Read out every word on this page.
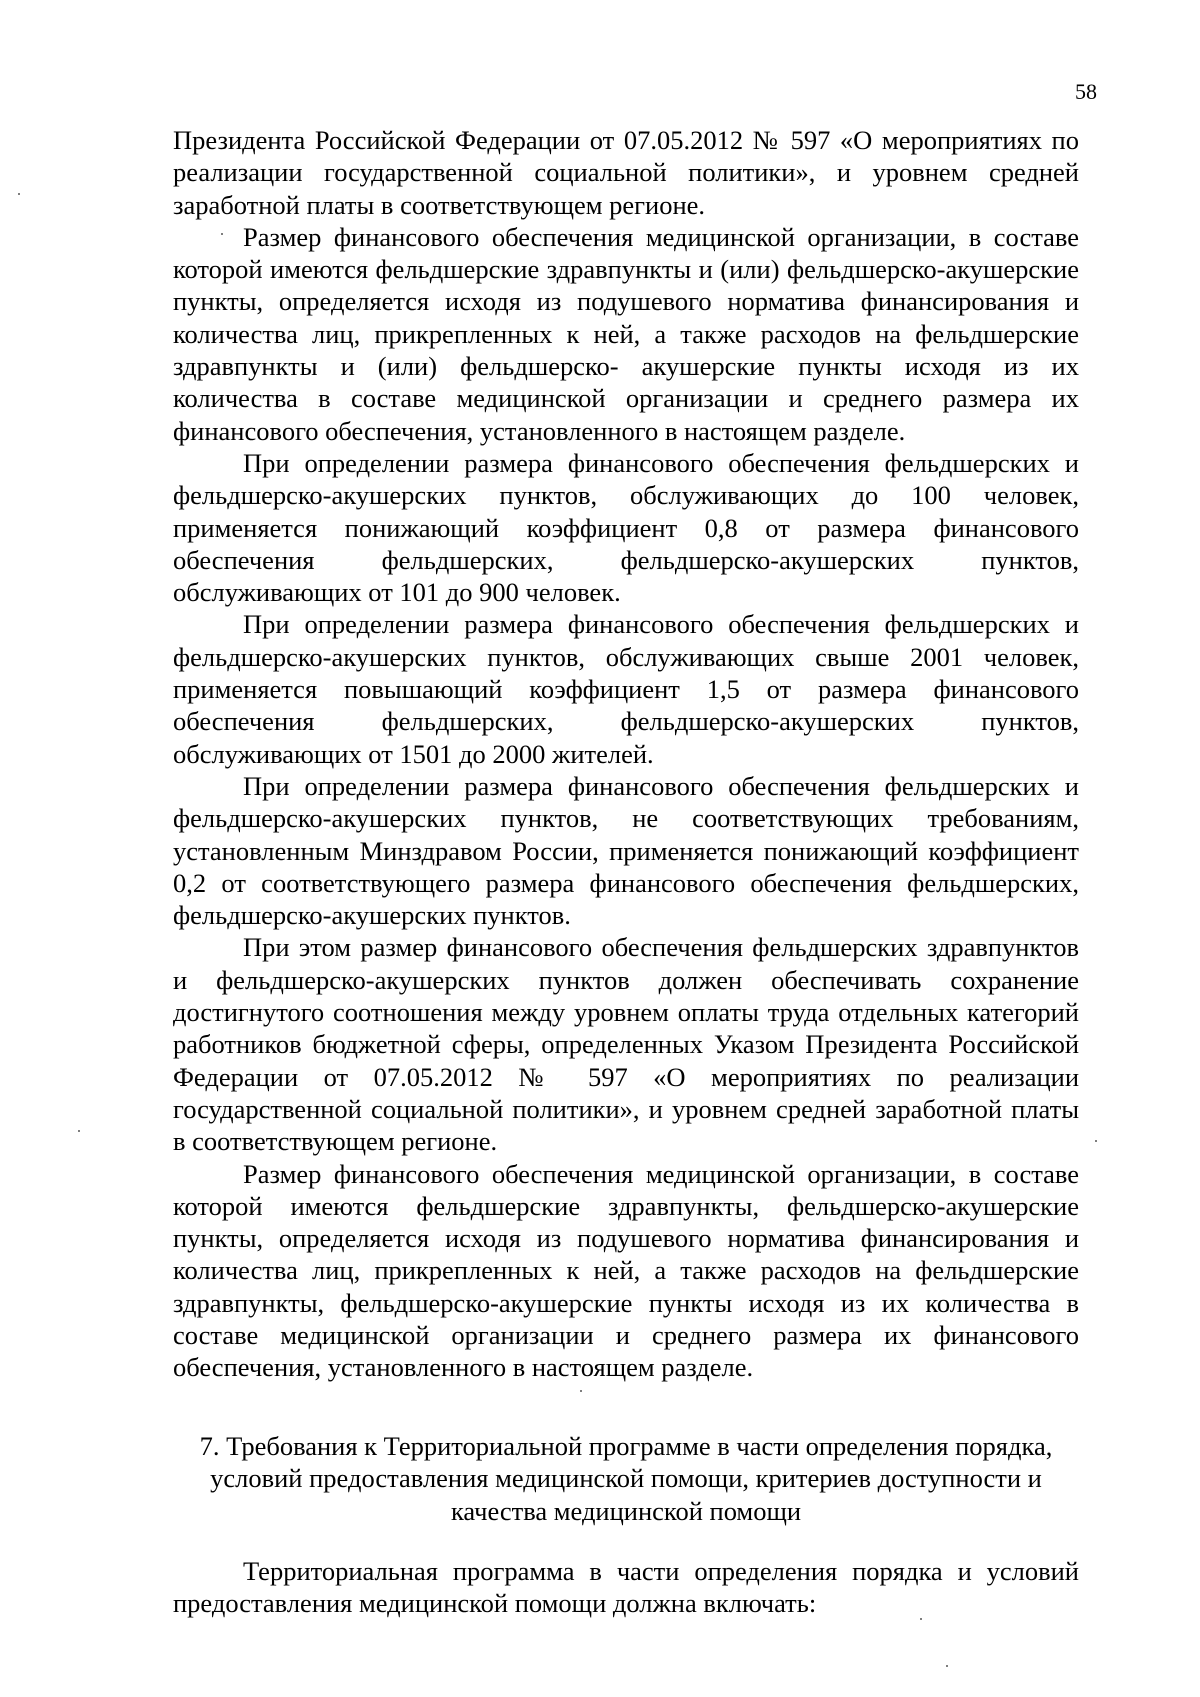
58

Президента Российской Федерации от 07.05.2012 № 597 «О мероприятиях по реализации государственной социальной политики», и уровнем средней заработной платы в соответствующем регионе.

Размер финансового обеспечения медицинской организации, в составе которой имеются фельдшерские здравпункты и (или) фельдшерско-акушерские пункты, определяется исходя из подушевого норматива финансирования и количества лиц, прикрепленных к ней, а также расходов на фельдшерские здравпункты и (или) фельдшерско- акушерские пункты исходя из их количества в составе медицинской организации и среднего размера их финансового обеспечения, установленного в настоящем разделе.

При определении размера финансового обеспечения фельдшерских и фельдшерско-акушерских пунктов, обслуживающих до 100 человек, применяется понижающий коэффициент 0,8 от размера финансового обеспечения фельдшерских, фельдшерско-акушерских пунктов, обслуживающих от 101 до 900 человек.

При определении размера финансового обеспечения фельдшерских и фельдшерско-акушерских пунктов, обслуживающих свыше 2001 человек, применяется повышающий коэффициент 1,5 от размера финансового обеспечения фельдшерских, фельдшерско-акушерских пунктов, обслуживающих от 1501 до 2000 жителей.

При определении размера финансового обеспечения фельдшерских и фельдшерско-акушерских пунктов, не соответствующих требованиям, установленным Минздравом России, применяется понижающий коэффициент 0,2 от соответствующего размера финансового обеспечения фельдшерских, фельдшерско-акушерских пунктов.

При этом размер финансового обеспечения фельдшерских здравпунктов и фельдшерско-акушерских пунктов должен обеспечивать сохранение достигнутого соотношения между уровнем оплаты труда отдельных категорий работников бюджетной сферы, определенных Указом Президента Российской Федерации от 07.05.2012 № 597 «О мероприятиях по реализации государственной социальной политики», и уровнем средней заработной платы в соответствующем регионе.

Размер финансового обеспечения медицинской организации, в составе которой имеются фельдшерские здравпункты, фельдшерско-акушерские пункты, определяется исходя из подушевого норматива финансирования и количества лиц, прикрепленных к ней, а также расходов на фельдшерские здравпункты, фельдшерско-акушерские пункты исходя из их количества в составе медицинской организации и среднего размера их финансового обеспечения, установленного в настоящем разделе.

7. Требования к Территориальной программе в части определения порядка, условий предоставления медицинской помощи, критериев доступности и качества медицинской помощи

Территориальная программа в части определения порядка и условий предоставления медицинской помощи должна включать:
